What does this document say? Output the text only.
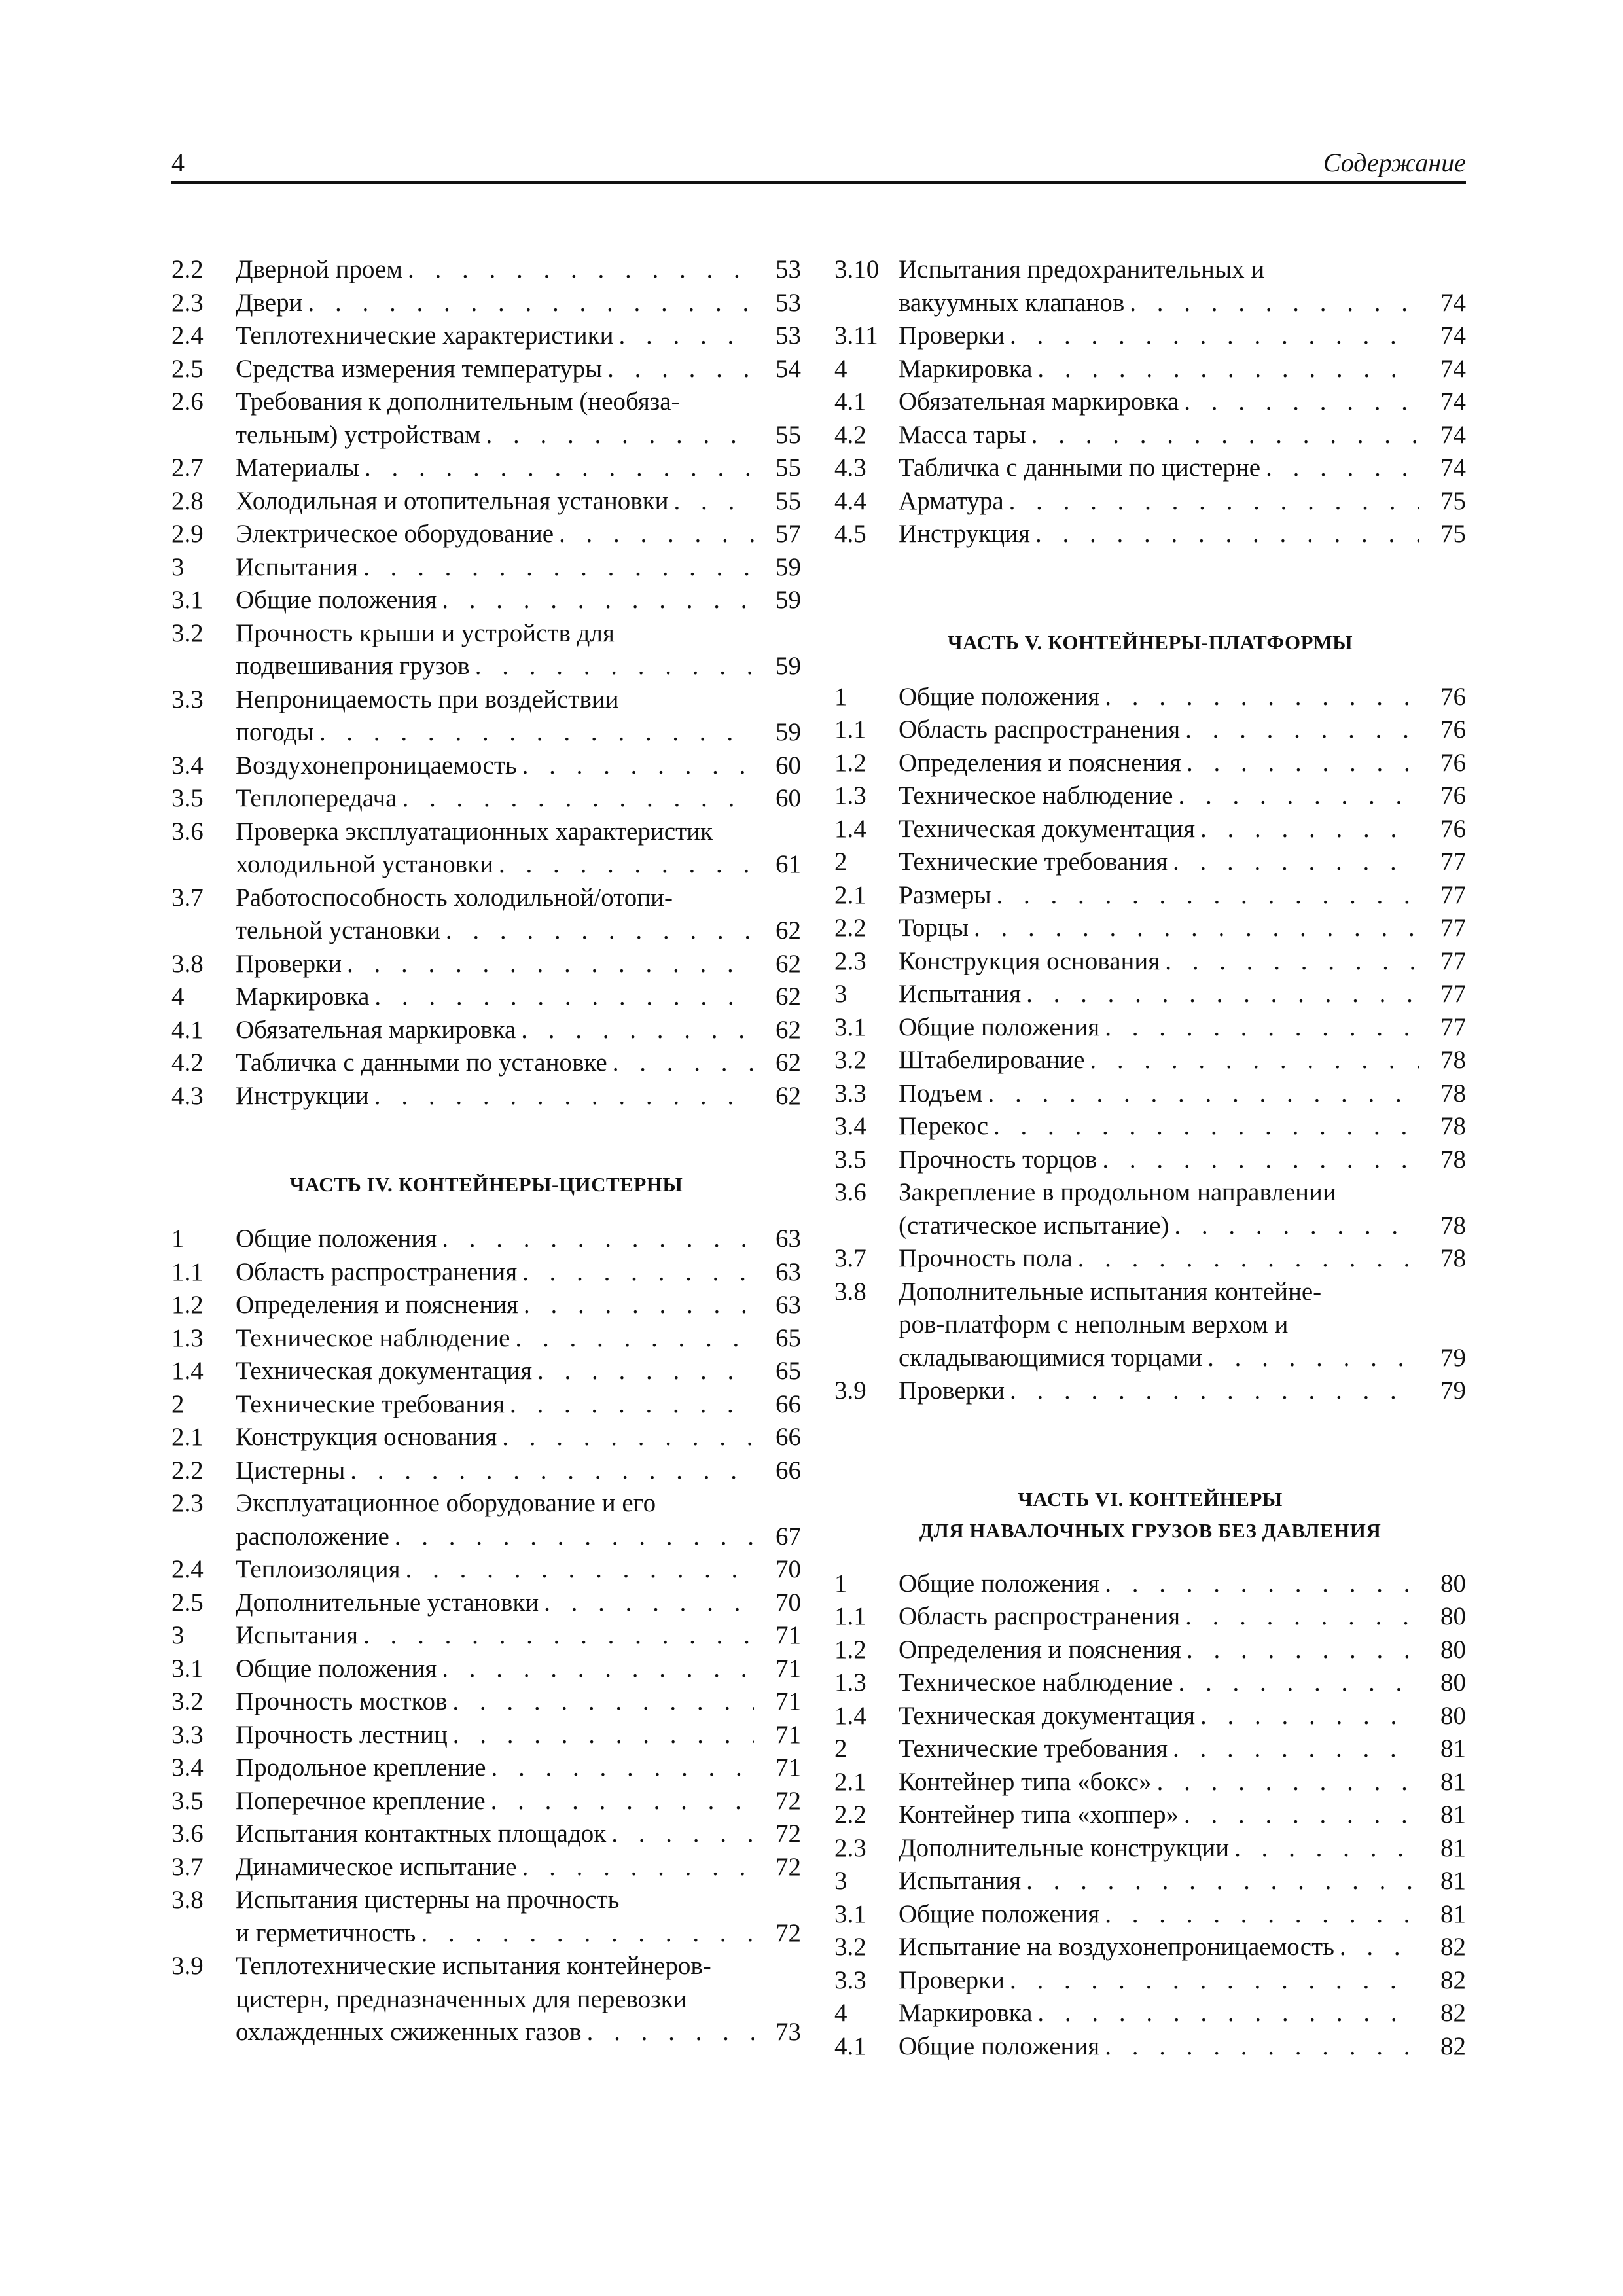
4	Содержание
2.2	Дверной проем . . .	53
2.3	Двери . . .	53
2.4	Теплотехнические характеристики . . .	53
2.5	Средства измерения температуры . . .	54
2.6	Требования к дополнительным (необяза-
тельным) устройствам . . .	55
2.7	Материалы . . .	55
2.8	Холодильная и отопительная установки . . .	55
2.9	Электрическое оборудование . . .	57
3	Испытания . . .	59
3.1	Общие положения . . .	59
3.2	Прочность крыши и устройств для
подвешивания грузов . . .	59
3.3	Непроницаемость при воздействии
погоды . . .	59
3.4	Воздухонепроницаемость . . .	60
3.5	Теплопередача . . .	60
3.6	Проверка эксплуатационных характеристик
холодильной установки . . .	61
3.7	Работоспособность холодильной/отопи-
тельной установки . . .	62
3.8	Проверки . . .	62
4	Маркировка . . .	62
4.1	Обязательная маркировка . . .	62
4.2	Табличка с данными по установке . . .	62
4.3	Инструкции . . .	62
ЧАСТЬ IV. КОНТЕЙНЕРЫ-ЦИСТЕРНЫ
1	Общие положения . . .	63
1.1	Область распространения . . .	63
1.2	Определения и пояснения . . .	63
1.3	Техническое наблюдение . . .	65
1.4	Техническая документация . . .	65
2	Технические требования . . .	66
2.1	Конструкция основания . . .	66
2.2	Цистерны . . .	66
2.3	Эксплуатационное оборудование и его
расположение . . .	67
2.4	Теплоизоляция . . .	70
2.5	Дополнительные установки . . .	70
3	Испытания . . .	71
3.1	Общие положения . . .	71
3.2	Прочность мостков . . .	71
3.3	Прочность лестниц . . .	71
3.4	Продольное крепление . . .	71
3.5	Поперечное крепление . . .	72
3.6	Испытания контактных площадок . . .	72
3.7	Динамическое испытание . . .	72
3.8	Испытания цистерны на прочность
и герметичность . . .	72
3.9	Теплотехнические испытания контейнеров-
цистерн, предназначенных для перевозки
охлажденных сжиженных газов . . .	73
3.10 Испытания предохранительных и
вакуумных клапанов . . .	74
3.11 Проверки . . .	74
4	Маркировка . . .	74
4.1	Обязательная маркировка . . .	74
4.2	Масса тары . . .	74
4.3	Табличка с данными по цистерне . . .	74
4.4	Арматура . . .	75
4.5	Инструкция . . .	75
ЧАСТЬ V. КОНТЕЙНЕРЫ-ПЛАТФОРМЫ
1	Общие положения . . .	76
1.1	Область распространения . . .	76
1.2	Определения и пояснения . . .	76
1.3	Техническое наблюдение . . .	76
1.4	Техническая документация . . .	76
2	Технические требования . . .	77
2.1	Размеры . . .	77
2.2	Торцы . . .	77
2.3	Конструкция основания . . .	77
3	Испытания . . .	77
3.1	Общие положения . . .	77
3.2	Штабелирование . . .	78
3.3	Подъем . . .	78
3.4	Перекос . . .	78
3.5	Прочность торцов . . .	78
3.6	Закрепление в продольном направлении
(статическое испытание) . . .	78
3.7	Прочность пола . . .	78
3.8	Дополнительные испытания контейне-
ров-платформ с неполным верхом и
складывающимися торцами . . .	79
3.9	Проверки . . .	79
ЧАСТЬ VI. КОНТЕЙНЕРЫ
ДЛЯ НАВАЛОЧНЫХ ГРУЗОВ БЕЗ ДАВЛЕНИЯ
1	Общие положения . . .	80
1.1	Область распространения . . .	80
1.2	Определения и пояснения . . .	80
1.3	Техническое наблюдение . . .	80
1.4	Техническая документация . . .	80
2	Технические требования . . .	81
2.1	Контейнер типа «бокс» . . .	81
2.2	Контейнер типа «хоппер» . . .	81
2.3	Дополнительные конструкции . . .	81
3	Испытания . . .	81
3.1	Общие положения . . .	81
3.2	Испытание на воздухонепроницаемость . . .	82
3.3	Проверки . . .	82
4	Маркировка . . .	82
4.1	Общие положения . . .	82
